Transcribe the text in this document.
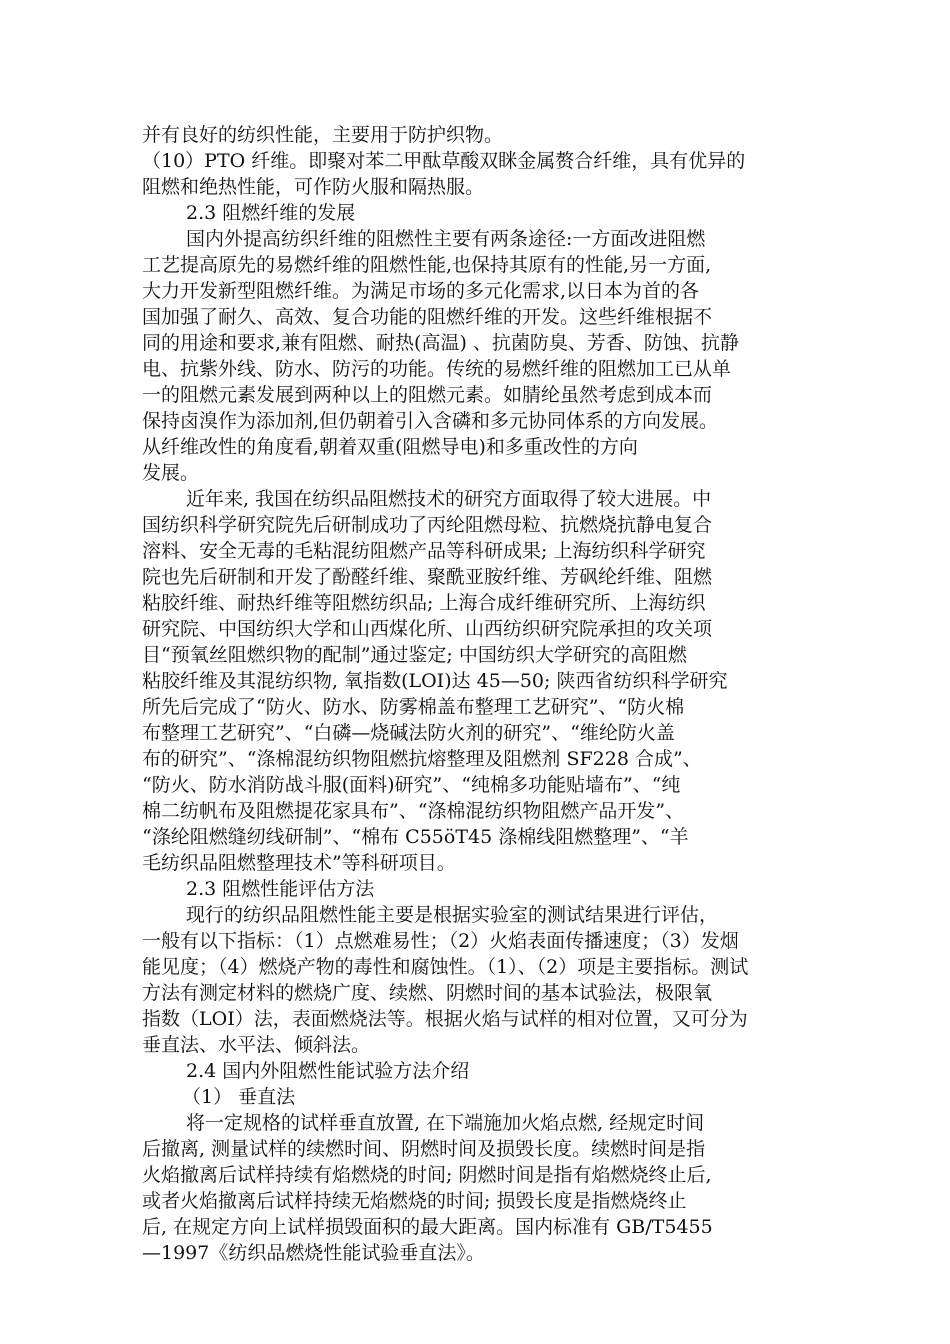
并有良好的纺织性能，主要用于防护织物。
（10）PTO 纤维。即聚对苯二甲酞草酸双眯金属赘合纤维，具有优异的
阻燃和绝热性能，可作防火服和隔热服。
2.3 阻燃纤维的发展
国内外提高纺织纤维的阻燃性主要有两条途径:一方面改进阻燃
工艺提高原先的易燃纤维的阻燃性能,也保持其原有的性能,另一方面,
大力开发新型阻燃纤维。为满足市场的多元化需求,以日本为首的各
国加强了耐久、高效、复合功能的阻燃纤维的开发。这些纤维根据不
同的用途和要求,兼有阻燃、耐热(高温) 、抗菌防臭、芳香、防蚀、抗静
电、抗紫外线、防水、防污的功能。传统的易燃纤维的阻燃加工已从单
一的阻燃元素发展到两种以上的阻燃元素。如腈纶虽然考虑到成本而
保持卤溴作为添加剂,但仍朝着引入含磷和多元协同体系的方向发展。
从纤维改性的角度看,朝着双重(阻燃导电)和多重改性的方向
发展。
近年来, 我国在纺织品阻燃技术的研究方面取得了较大进展。中
国纺织科学研究院先后研制成功了丙纶阻燃母粒、抗燃烧抗静电复合
溶料、安全无毒的毛粘混纺阻燃产品等科研成果; 上海纺织科学研究
院也先后研制和开发了酚醛纤维、聚酰亚胺纤维、芳砜纶纤维、阻燃
粘胶纤维、耐热纤维等阻燃纺织品; 上海合成纤维研究所、上海纺织
研究院、中国纺织大学和山西煤化所、山西纺织研究院承担的攻关项
目“预氧丝阻燃织物的配制”通过鉴定; 中国纺织大学研究的高阻燃
粘胶纤维及其混纺织物, 氧指数(LOI)达 45—50; 陕西省纺织科学研究
所先后完成了“防火、防水、防雾棉盖布整理工艺研究”、“防火棉
布整理工艺研究”、“白磷—烧碱法防火剂的研究”、“维纶防火盖
布的研究”、“涤棉混纺织物阻燃抗熔整理及阻燃剂 SF228 合成”、
“防火、防水消防战斗服(面料)研究”、“纯棉多功能贴墙布”、“纯
棉二纺帆布及阻燃提花家具布”、“涤棉混纺织物阻燃产品开发”、
“涤纶阻燃缝纫线研制”、“棉布 C55öT45 涤棉线阻燃整理”、“羊
毛纺织品阻燃整理技术”等科研项目。
2.3 阻燃性能评估方法
现行的纺织品阻燃性能主要是根据实验室的测试结果进行评估，
一般有以下指标：（1）点燃难易性；（2）火焰表面传播速度；（3）发烟
能见度；（4）燃烧产物的毒性和腐蚀性。（1）、（2）项是主要指标。测试
方法有测定材料的燃烧广度、续燃、阴燃时间的基本试验法，极限氧
指数（LOI）法，表面燃烧法等。根据火焰与试样的相对位置，又可分为
垂直法、水平法、倾斜法。
2.4 国内外阻燃性能试验方法介绍
（1） 垂直法
将一定规格的试样垂直放置, 在下端施加火焰点燃, 经规定时间
后撤离, 测量试样的续燃时间、阴燃时间及损毁长度。续燃时间是指
火焰撤离后试样持续有焰燃烧的时间; 阴燃时间是指有焰燃烧终止后,
或者火焰撤离后试样持续无焰燃烧的时间; 损毁长度是指燃烧终止
后, 在规定方向上试样损毁面积的最大距离。国内标准有 GB/T5455
—1997《纺织品燃烧性能试验垂直法》。
